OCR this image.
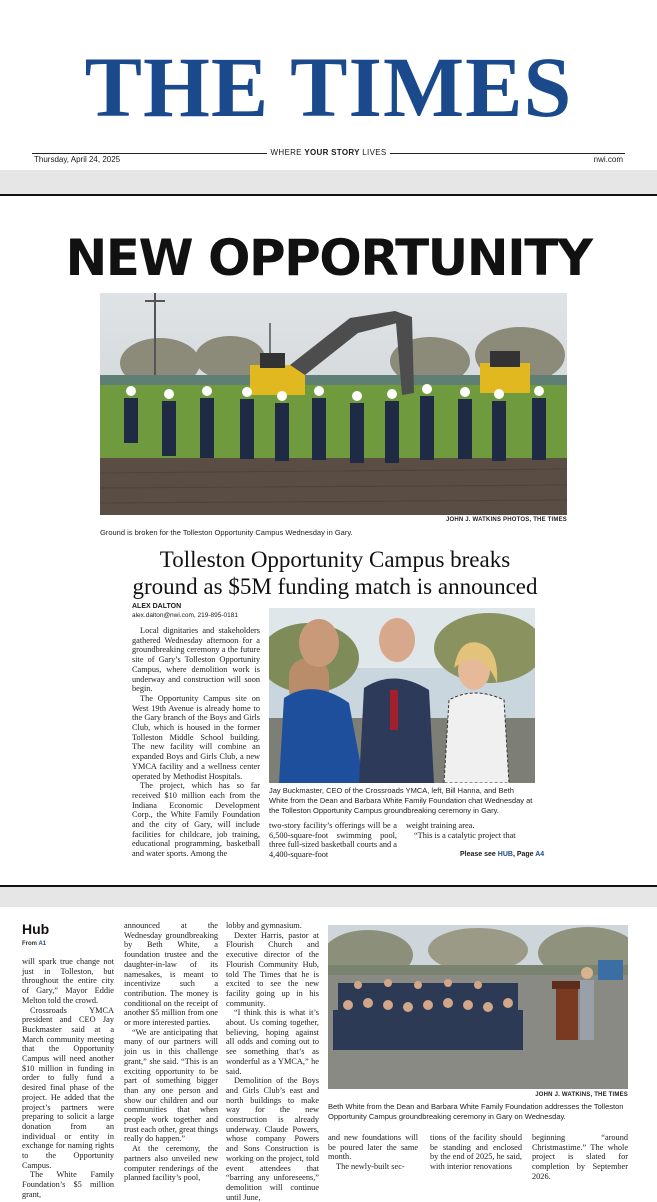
THE TIMES
Thursday, April 24, 2025
WHERE YOUR STORY LIVES
nwi.com
NEW OPPORTUNITY
JOHN J. WATKINS PHOTOS, THE TIMES
Ground is broken for the Tolleston Opportunity Campus Wednesday in Gary.
Tolleston Opportunity Campus breaks ground as $5M funding match is announced
ALEX DALTON
alex.dalton@nwi.com, 219-895-0181

Local dignitaries and stakeholders gathered Wednesday afternoon for a groundbreaking ceremony a the future site of Gary’s Tolleston Opportunity Campus, where demolition work is underway and construction will soon begin.

The Opportunity Campus site on West 19th Avenue is already home to the Gary branch of the Boys and Girls Club, which is housed in the former Tolleston Middle School building. The new facility will combine an expanded Boys and Girls Club, a new YMCA facility and a wellness center operated by Methodist Hospitals.

The project, which has so far received $10 million each from the Indiana Economic Development Corp., the White Family Foundation and the city of Gary, will include facilities for childcare, job training, educational programming, basketball and water sports. Among the

Jay Buckmaster, CEO of the Crossroads YMCA, left, Bill Hanna, and Beth White from the Dean and Barbara White Family Foundation chat Wednesday at the Tolleston Opportunity Campus groundbreaking ceremony in Gary.

two-story facility’s offerings will be a 6,500-square-foot swimming pool, three full-sized basketball courts and a 4,400-square-foot

weight training area.

“This is a catalytic project that

Please see HUB, Page A4
Hub
From A1

will spark true change not just in Tolleston, but throughout the entire city of Gary,” Mayor Eddie Melton told the crowd.

Crossroads YMCA president and CEO Jay Buckmaster said at a March community meeting that the Opportunity Campus will need another $10 million in funding in order to fully fund a desired final phase of the project. He added that the project’s partners were preparing to solicit a large donation from an individual or entity in exchange for naming rights to the Opportunity Campus.

The White Family Foundation’s $5 million grant,

announced at the Wednesday groundbreaking by Beth White, a foundation trustee and the daughter-in-law of its namesakes, is meant to incentivize such a contribution. The money is conditional on the receipt of another $5 million from one or more interested parties.

“We are anticipating that many of our partners will join us in this challenge grant,” she said. “This is an exciting opportunity to be part of something bigger than any one person and show our children and our communities that when people work together and trust each other, great things really do happen.”

At the ceremony, the partners also unveiled new computer renderings of the planned facility’s pool,

lobby and gymnasium.

Dexter Harris, pastor at Flourish Church and executive director of the Flourish Community Hub, told The Times that he is excited to see the new facility going up in his community.

“I think this is what it’s about. Us coming together, believing, hoping against all odds and coming out to see something that’s as wonderful as a YMCA,” he said.

Demolition of the Boys and Girls Club’s east and north buildings to make way for the new construction is already underway. Claude Powers, whose company Powers and Sons Construction is working on the project, told event attendees that “barring any unforeseens,” demolition will continue until June,

JOHN J. WATKINS, THE TIMES
Beth White from the Dean and Barbara White Family Foundation addresses the Tolleston Opportunity Campus groundbreaking ceremony in Gary on Wednesday.

and new foundations will be poured later the same month.

The newly-built sec-

tions of the facility should be standing and enclosed by the end of 2025, he said, with interior renovations

beginning “around Christmastime.” The whole project is slated for completion by September 2026.
